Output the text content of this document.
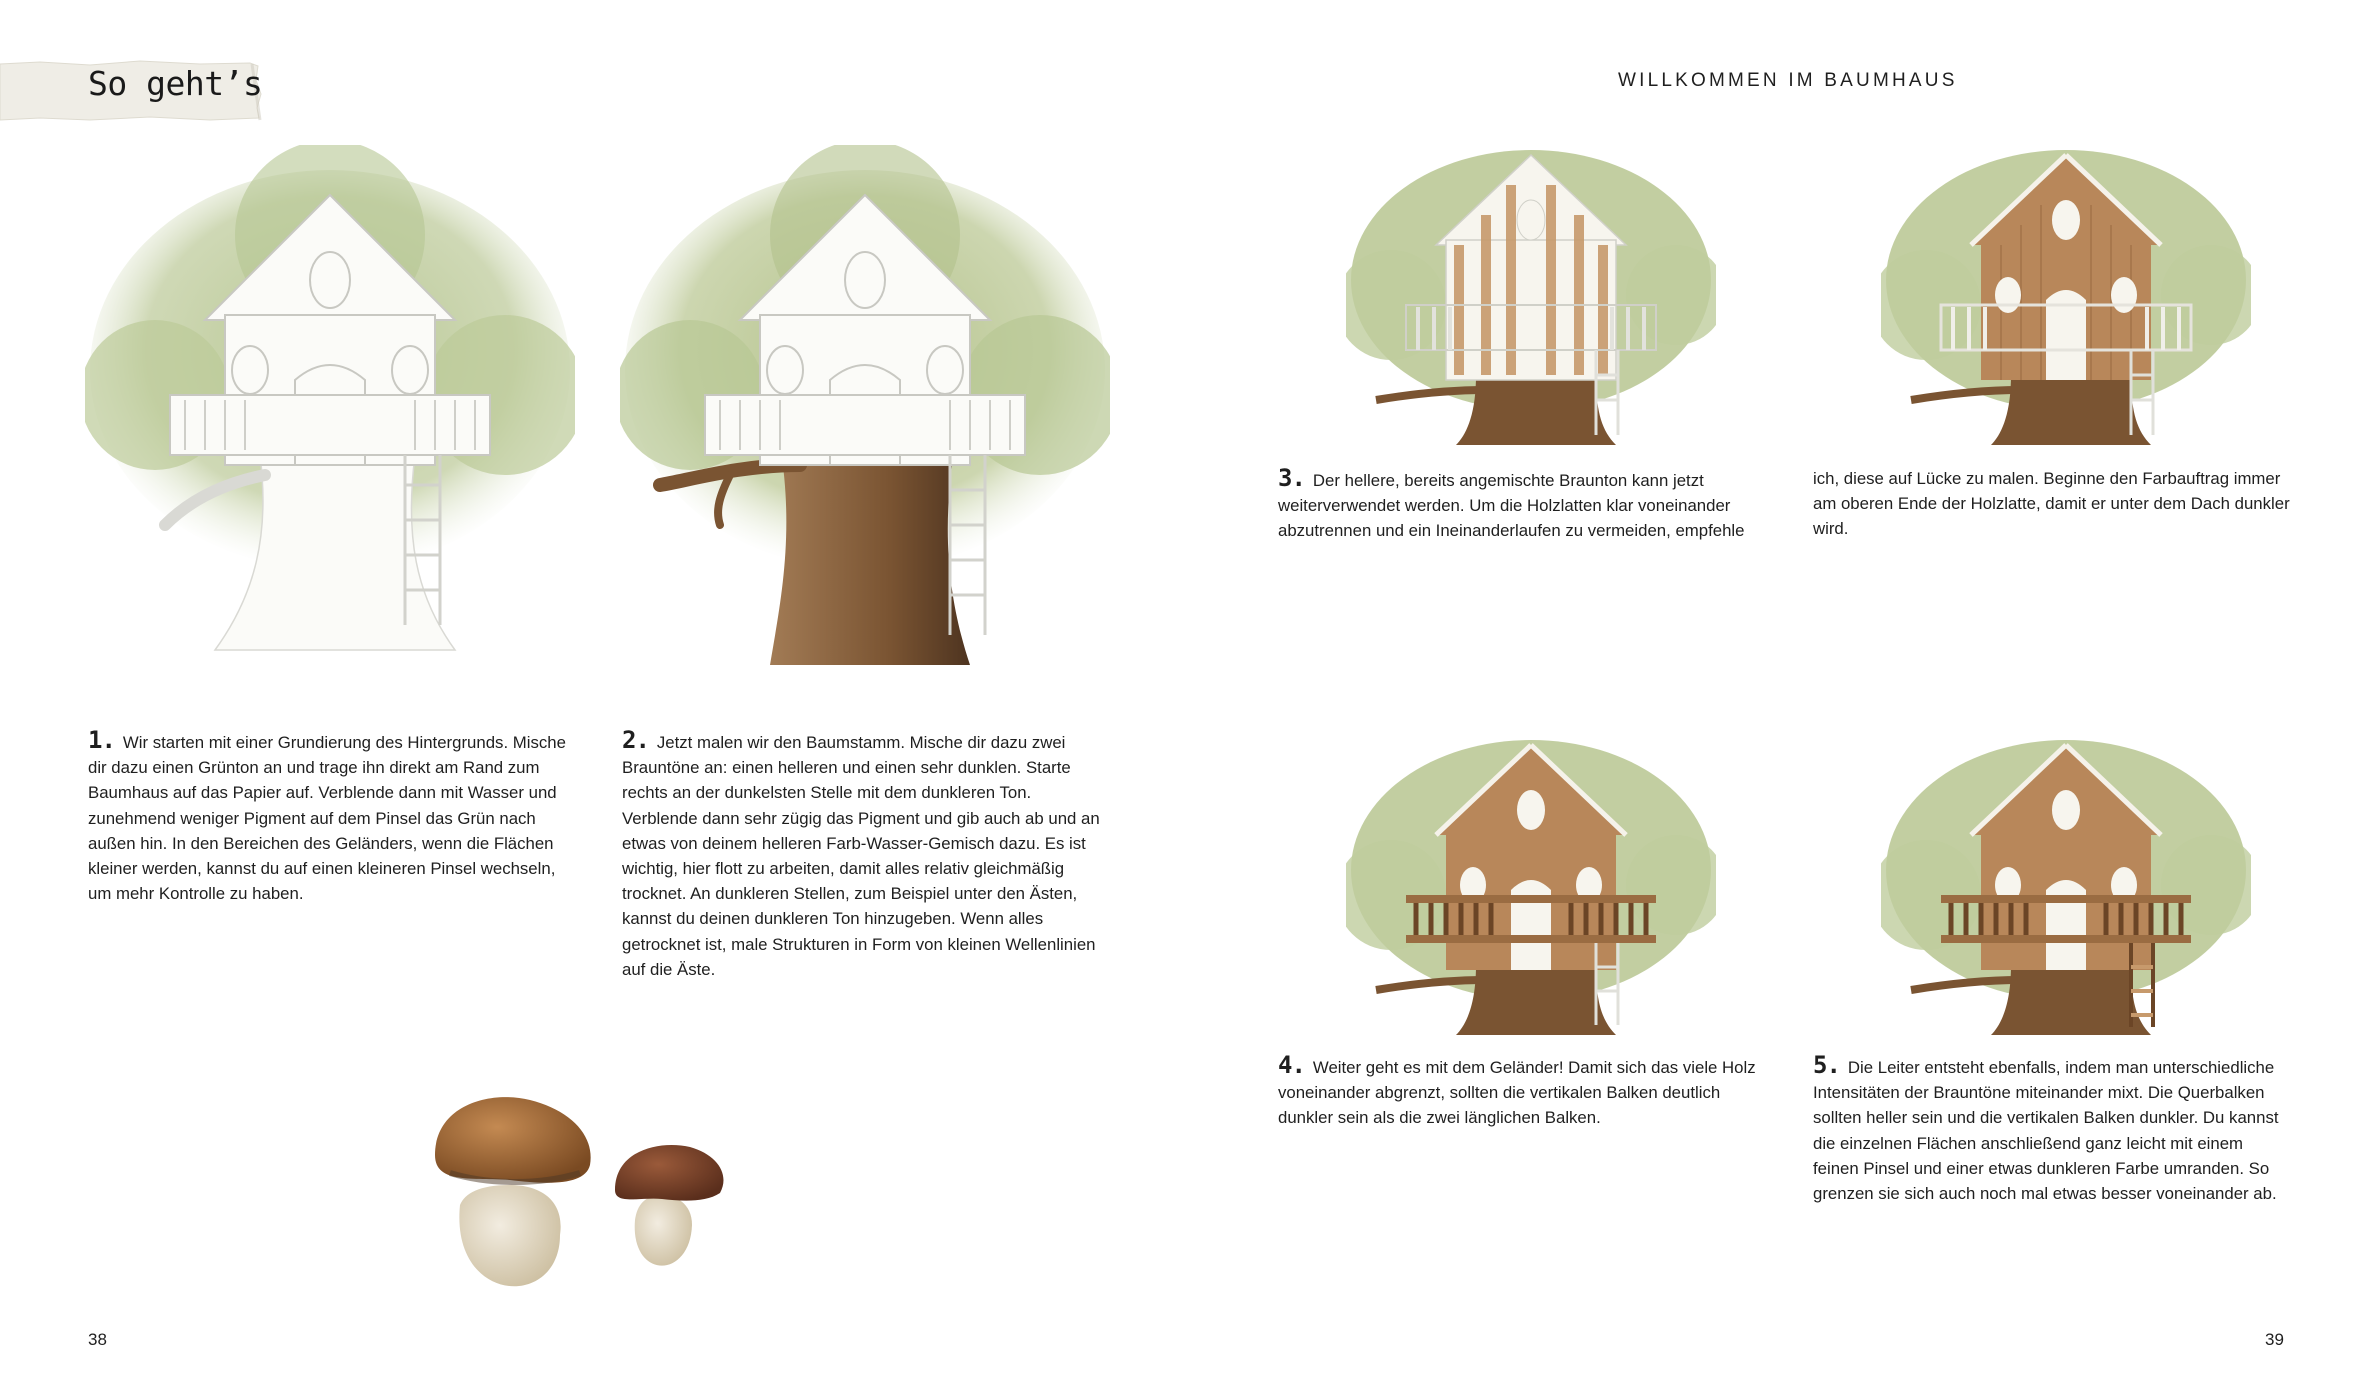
So geht’s
1. Wir starten mit einer Grundierung des Hintergrunds. Mische dir dazu einen Grünton an und trage ihn direkt am Rand zum Baumhaus auf das Papier auf. Verblende dann mit Wasser und zunehmend weniger Pigment auf dem Pinsel das Grün nach außen hin. In den Bereichen des Geländers, wenn die Flächen kleiner werden, kannst du auf einen kleineren Pinsel wechseln, um mehr Kontrolle zu haben.
2. Jetzt malen wir den Baumstamm. Mische dir dazu zwei Brauntöne an: einen helleren und einen sehr dunklen. Starte rechts an der dunkelsten Stelle mit dem dunkleren Ton. Verblende dann sehr zügig das Pigment und gib auch ab und an etwas von deinem helleren Farb-Wasser-Gemisch dazu. Es ist wichtig, hier flott zu arbeiten, damit alles relativ gleichmäßig trocknet. An dunkleren Stellen, zum Beispiel unter den Ästen, kannst du deinen dunkleren Ton hinzugeben. Wenn alles getrocknet ist, male Strukturen in Form von kleinen Wellenlinien auf die Äste.
38
WILLKOMMEN IM BAUMHAUS
3. Der hellere, bereits angemischte Braunton kann jetzt weiterverwendet werden. Um die Holzlatten klar voneinander abzutrennen und ein Ineinanderlaufen zu vermeiden, empfehle
ich, diese auf Lücke zu malen. Beginne den Farbauftrag immer am oberen Ende der Holzlatte, damit er unter dem Dach dunkler wird.
4. Weiter geht es mit dem Geländer! Damit sich das viele Holz voneinander abgrenzt, sollten die vertikalen Balken deutlich dunkler sein als die zwei länglichen Balken.
5. Die Leiter entsteht ebenfalls, indem man unterschiedliche Intensitäten der Brauntöne miteinander mixt. Die Querbalken sollten heller sein und die vertikalen Balken dunkler. Du kannst die einzelnen Flächen anschließend ganz leicht mit einem feinen Pinsel und einer etwas dunkleren Farbe umranden. So grenzen sie sich auch noch mal etwas besser voneinander ab.
39
